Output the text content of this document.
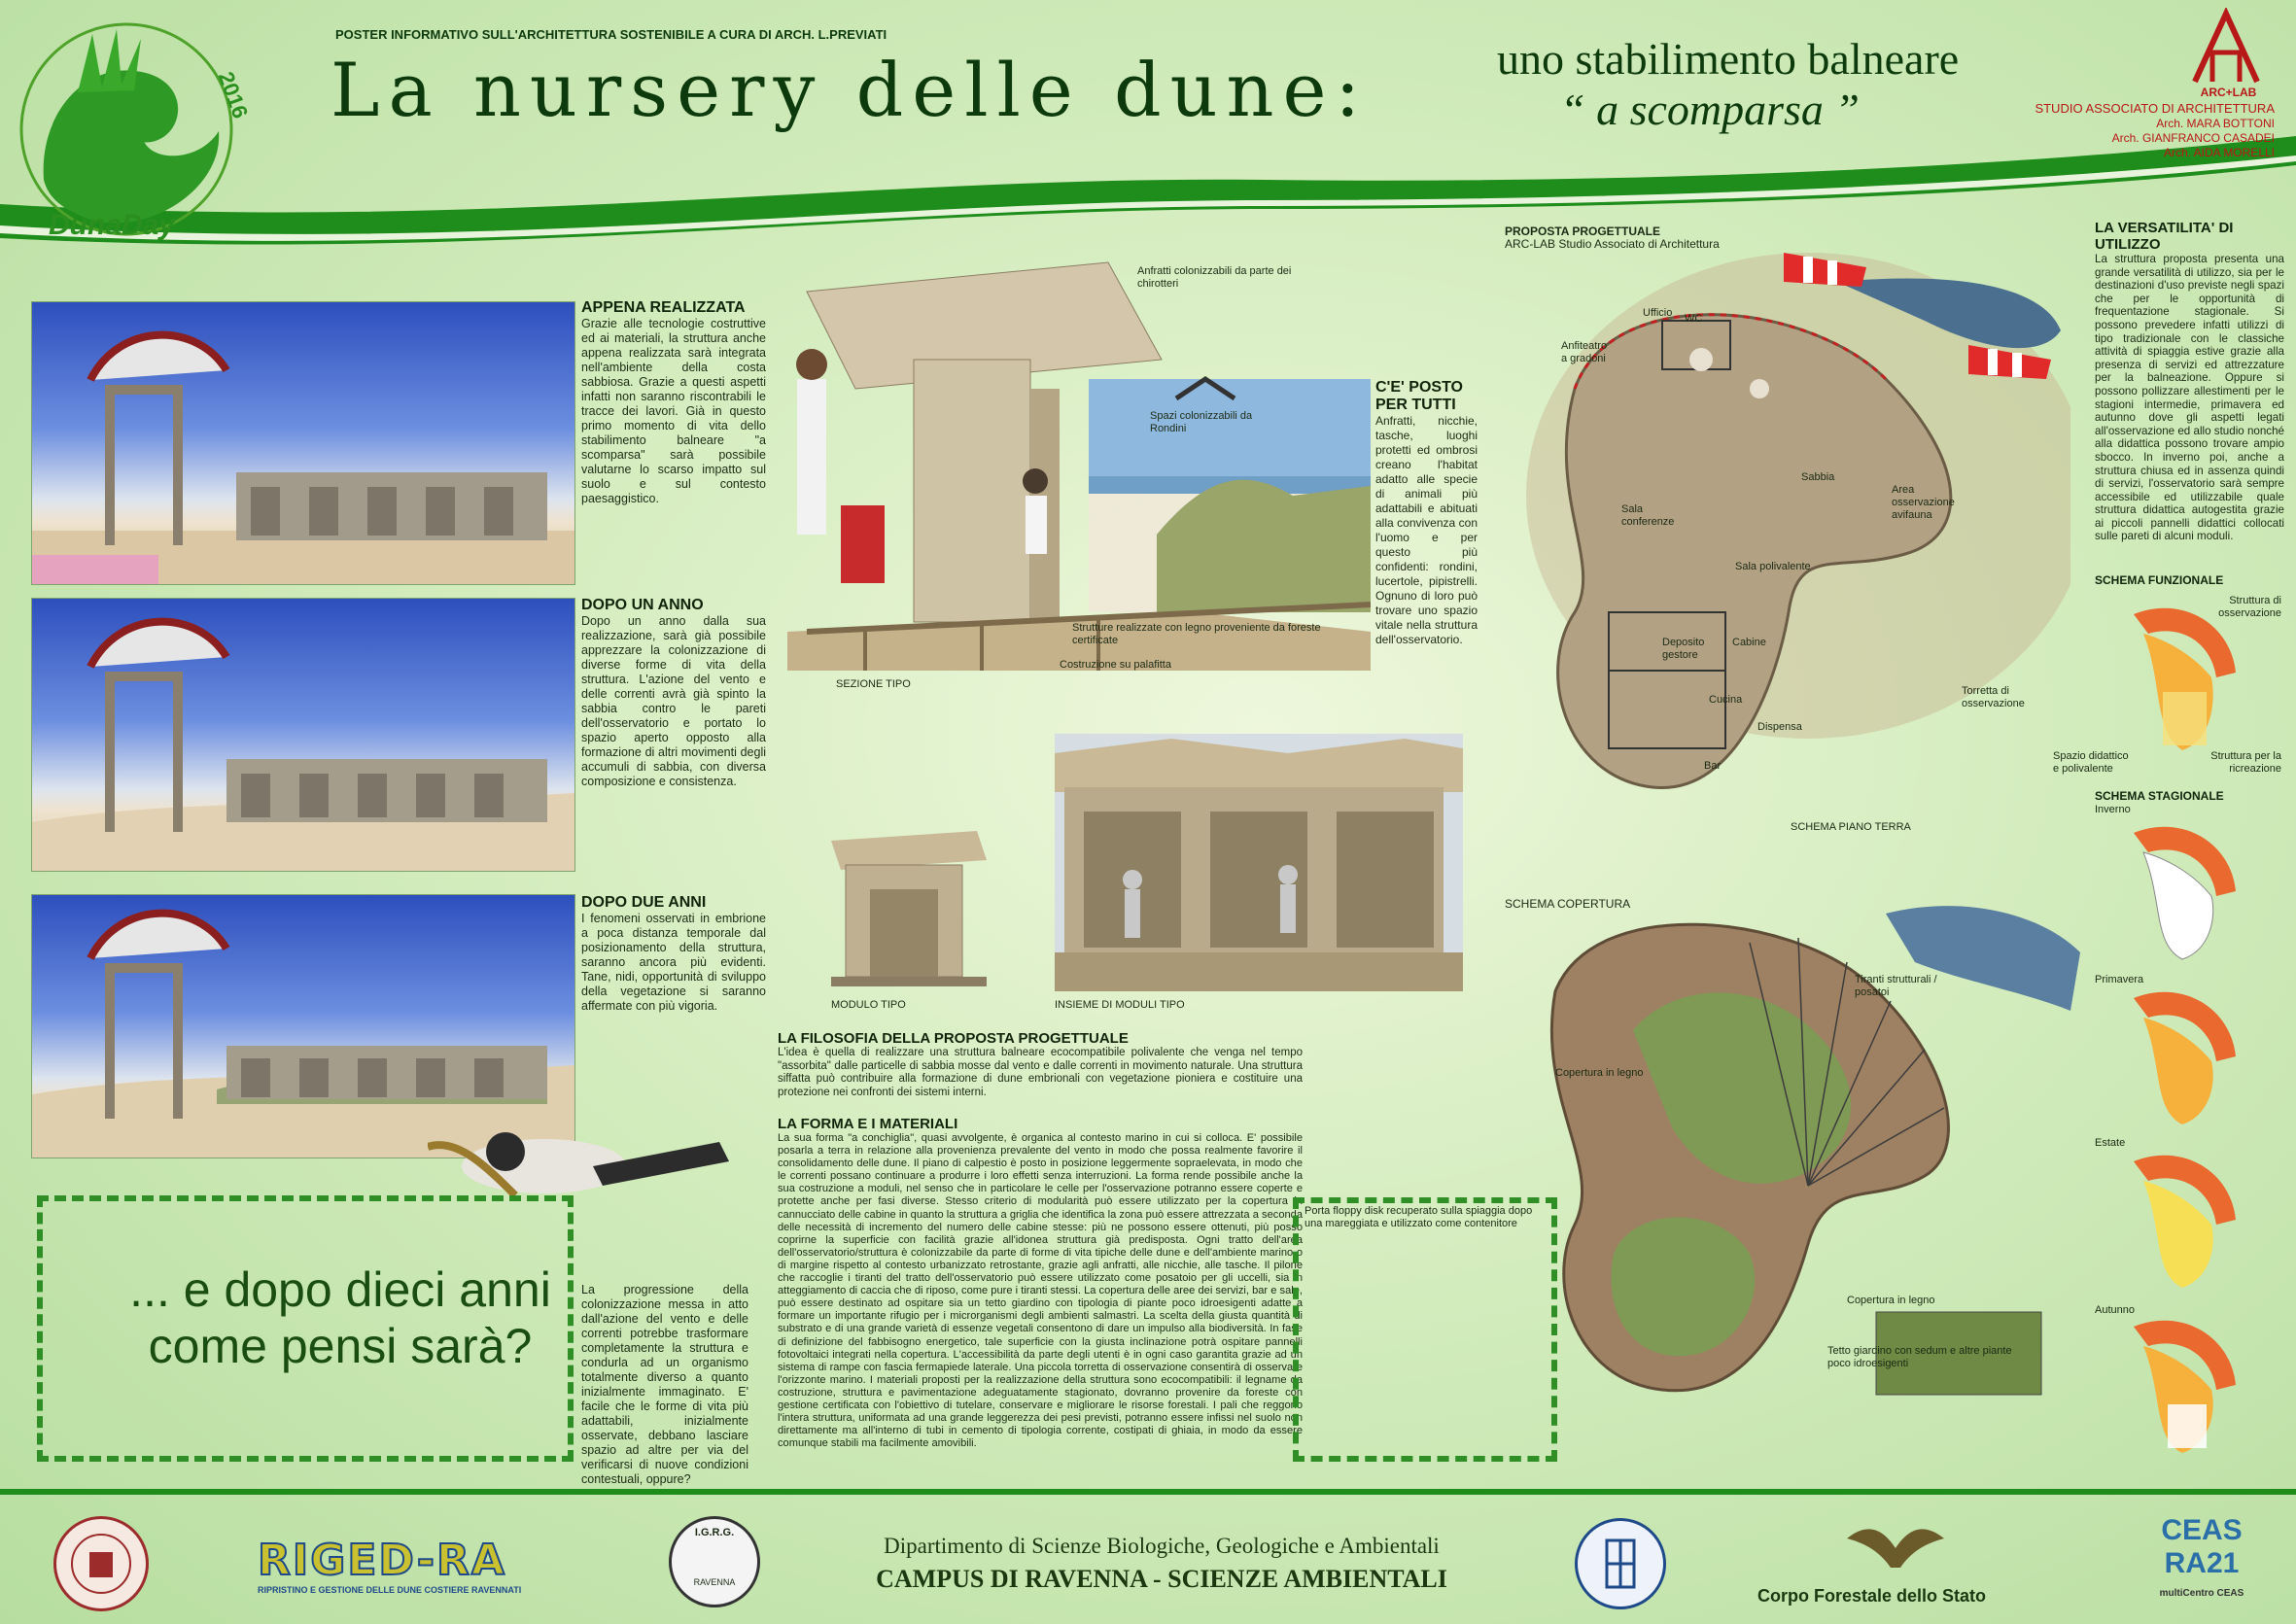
DunaDay
2016
POSTER INFORMATIVO SULL'ARCHITETTURA SOSTENIBILE A CURA DI ARCH. L.PREVIATI
La nursery delle dune:	uno stabilimento balneare
“ a scomparsa ”	ARC+LAB
STUDIO ASSOCIATO DI ARCHITETTURA
Arch. MARA BOTTONI
Arch. GIANFRANCO CASADEI
Arch. AIDA MORELLI
APPENA REALIZZATA
Grazie alle tecnologie costruttive ed ai materiali, la struttura anche appena realizzata sarà integrata nell'ambiente della costa sabbiosa. Grazie a questi aspetti infatti non saranno riscontrabili le tracce dei lavori. Già in questo primo momento di vita dello stabilimento balneare "a scomparsa" sarà possibile valutarne lo scarso impatto sul suolo e sul contesto paesaggistico.
DOPO UN ANNO
Dopo un anno dalla sua realizzazione, sarà già possibile apprezzare la colonizzazione di diverse forme di vita della struttura. L'azione del vento e delle correnti avrà già spinto la sabbia contro le pareti dell'osservatorio e portato lo spazio aperto opposto alla formazione di altri movimenti degli accumuli di sabbia, con diversa composizione e consistenza.
DOPO DUE ANNI
I fenomeni osservati in embrione a poca distanza temporale dal posizionamento della struttura, saranno ancora più evidenti. Tane, nidi, opportunità di sviluppo della vegetazione si saranno affermate con più vigoria.
... e dopo dieci anni come pensi sarà?
La progressione della colonizzazione messa in atto dall'azione del vento e delle correnti potrebbe trasformare completamente la struttura e condurla ad un organismo totalmente diverso a quanto inizialmente immaginato. E' facile che le forme di vita più adattabili, inizialmente osservate, debbano lasciare spazio ad altre per via del verificarsi di nuove condizioni contestuali, oppure?
Anfratti colonizzabili da parte dei chirotteri
Spazi colonizzabili da Rondini
Strutture realizzate con legno proveniente da foreste certificate
Costruzione su palafitta
SEZIONE TIPO
C'E' POSTO PER TUTTI
Anfratti, nicchie, tasche, luoghi protetti ed ombrosi creano l'habitat adatto alle specie di animali più adattabili e abituati alla convivenza con l'uomo e per questo più confidenti: rondini, lucertole, pipistrelli. Ognuno di loro può trovare uno spazio vitale nella struttura dell'osservatorio.
MODULO TIPO	INSIEME DI MODULI TIPO
LA FILOSOFIA DELLA PROPOSTA PROGETTUALE
L'idea è quella di realizzare una struttura balneare ecocompatibile polivalente che venga nel tempo "assorbita" dalle particelle di sabbia mosse dal vento e dalle correnti in movimento naturale. Una struttura siffatta può contribuire alla formazione di dune embrionali con vegetazione pioniera e costituire una protezione nei confronti dei sistemi interni.
LA FORMA E I MATERIALI
La sua forma "a conchiglia", quasi avvolgente, è organica al contesto marino in cui si colloca. E' possibile posarla a terra in relazione alla provenienza prevalente del vento in modo che possa realmente favorire il consolidamento delle dune. Il piano di calpestio è posto in posizione leggermente sopraelevata, in modo che le correnti possano continuare a produrre i loro effetti senza interruzioni. La forma rende possibile anche la sua costruzione a moduli, nel senso che in particolare le celle per l'osservazione potranno essere coperte e protette anche per fasi diverse. Stesso criterio di modularità può essere utilizzato per la copertura in cannucciato delle cabine in quanto la struttura a griglia che identifica la zona può essere attrezzata a seconda delle necessità di incremento del numero delle cabine stesse: più ne possono essere ottenuti, più posso coprirne la superficie con facilità grazie all'idonea struttura già predisposta. Ogni tratto dell'area dell'osservatorio/struttura è colonizzabile da parte di forme di vita tipiche delle dune e dell'ambiente marino o di margine rispetto al contesto urbanizzato retrostante, grazie agli anfratti, alle nicchie, alle tasche. Il pilone che raccoglie i tiranti del tratto dell'osservatorio può essere utilizzato come posatoio per gli uccelli, sia in atteggiamento di caccia che di riposo, come pure i tiranti stessi. La copertura delle aree dei servizi, bar e sale, può essere destinato ad ospitare sia un tetto giardino con tipologia di piante poco idroesigenti adatte a formare un importante rifugio per i microrganismi degli ambienti salmastri. La scelta della giusta quantità di substrato e di una grande varietà di essenze vegetali consentono di dare un impulso alla biodiversità. In fase di definizione del fabbisogno energetico, tale superficie con la giusta inclinazione potrà ospitare pannelli fotovoltaici integrati nella copertura. L'accessibilità da parte degli utenti è in ogni caso garantita grazie ad un sistema di rampe con fascia fermapiede laterale. Una piccola torretta di osservazione consentirà di osservare l'orizzonte marino. I materiali proposti per la realizzazione della struttura sono ecocompatibili: il legname da costruzione, struttura e pavimentazione adeguatamente stagionato, dovranno provenire da foreste con gestione certificata con l'obiettivo di tutelare, conservare e migliorare le risorse forestali. I pali che reggono l'intera struttura, uniformata ad una grande leggerezza dei pesi previsti, potranno essere infissi nel suolo non direttamente ma all'interno di tubi in cemento di tipologia corrente, costipati di ghiaia, in modo da essere comunque stabili ma facilmente amovibili.
Porta floppy disk recuperato sulla spiaggia dopo una mareggiata e utilizzato come contenitore
PROPOSTA PROGETTUALE
ARC-LAB Studio Associato di Architettura
Ufficio WC
Anfiteatro a gradoni
Sala conferenze
Sabbia
Area osservazione avifauna
Sala polivalente
Deposito gestore
Cabine
Cucina
Dispensa
Bar
Torretta di osservazione
SCHEMA PIANO TERRA
SCHEMA COPERTURA
Tiranti strutturali / posatoi
Copertura in legno
Copertura in legno
Tetto giardino con sedum e altre piante poco idroesigenti
LA VERSATILITA' DI UTILIZZO
La struttura proposta presenta una grande versatilità di utilizzo, sia per le destinazioni d'uso previste negli spazi che per le opportunità di frequentazione stagionale. Si possono prevedere infatti utilizzi di tipo tradizionale con le classiche attività di spiaggia estive grazie alla presenza di servizi ed attrezzature per la balneazione. Oppure si possono pollizzare allestimenti per le stagioni intermedie, primavera ed autunno dove gli aspetti legati all'osservazione ed allo studio nonché alla didattica possono trovare ampio sbocco. In inverno poi, anche a struttura chiusa ed in assenza quindi di servizi, l'osservatorio sarà sempre accessibile ed utilizzabile quale struttura didattica autogestita grazie ai piccoli pannelli didattici collocati sulle pareti di alcuni moduli.
SCHEMA FUNZIONALE
Struttura di osservazione
Spazio didattico e polivalente
Struttura per la ricreazione
SCHEMA STAGIONALE
Inverno
Primavera
Estate
Autunno
RIGED-RA
RIPRISTINO E GESTIONE DELLE DUNE COSTIERE RAVENNATI
I.G.R.G.
RAVENNA
Dipartimento di Scienze Biologiche, Geologiche e Ambientali
CAMPUS DI RAVENNA - SCIENZE AMBIENTALI
Corpo Forestale dello Stato
CEAS RA21
multiCentro CEAS
